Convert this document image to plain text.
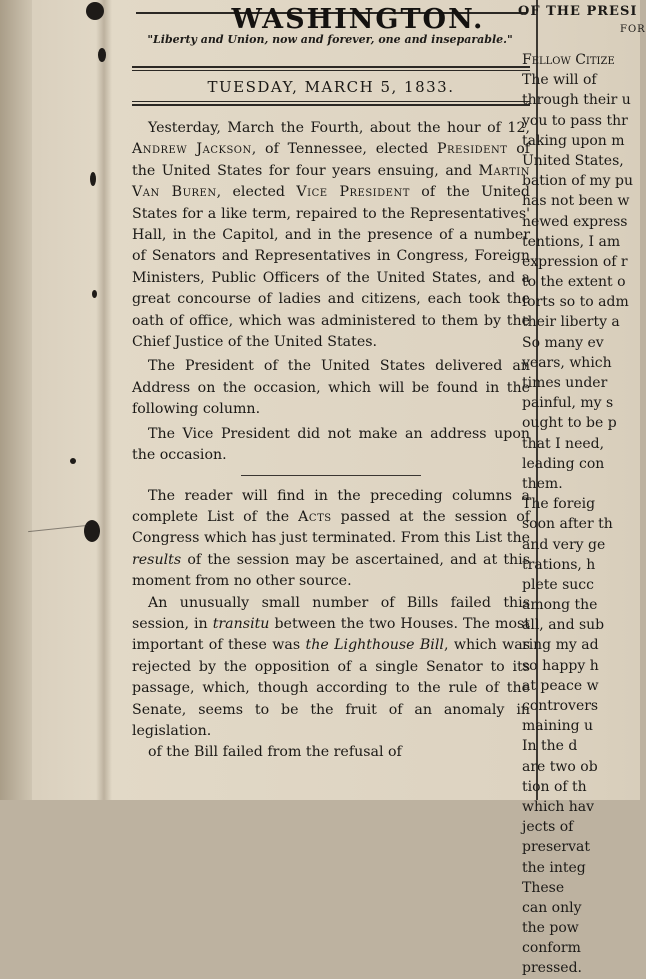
WASHINGTON.
"Liberty and Union, now and forever, one and inseparable."
TUESDAY, MARCH 5, 1833.

Yesterday, March the Fourth, about the hour of 12, Andrew Jackson, of Tennessee, elected President of the United States for four years ensuing, and Martin Van Buren, elected Vice President of the United States for a like term, repaired to the Representatives' Hall, in the Capitol, and in the presence of a number of Senators and Representatives in Congress, Foreign Ministers, Public Officers of the United States, and a great concourse of ladies and citizens, each took the oath of office, which was administered to them by the Chief Justice of the United States.

The President of the United States delivered an Address on the occasion, which will be found in the following column.

The Vice President did not make an address upon the occasion.

The reader will find in the preceding columns a complete List of the Acts passed at the session of Congress which has just terminated. From this List the results of the session may be ascertained, and at this moment from no other source.

An unusually small number of Bills failed this session, in transitu between the two Houses. The most important of these was the Lighthouse Bill, which was rejected by the opposition of a single Senator to its passage, which, though according to the rule of the Senate, seems to be the fruit of an anomaly in legislation.

of the Bill failed from the refusal of

OF THE PRESI
FOR
Fellow Citize
The will of
through their u
you to pass thr
taking upon m
United States,
bation of my pu
has not been w
newed express
tentions, I am
expression of r
to the extent o
forts so to adm
their liberty a
So many ev
years, which
times under
painful, my s
ought to be p
that I need,
leading con
them.
The foreig
soon after th
and very ge
trations, h
plete succ
among the
all, and sub
ring my ad
so happy h
at peace w
controvers
maining u
In the d
are two ob
tion of th
which hav
jects of
preservat
the integ
These
can only
the pow
conform
pressed.
